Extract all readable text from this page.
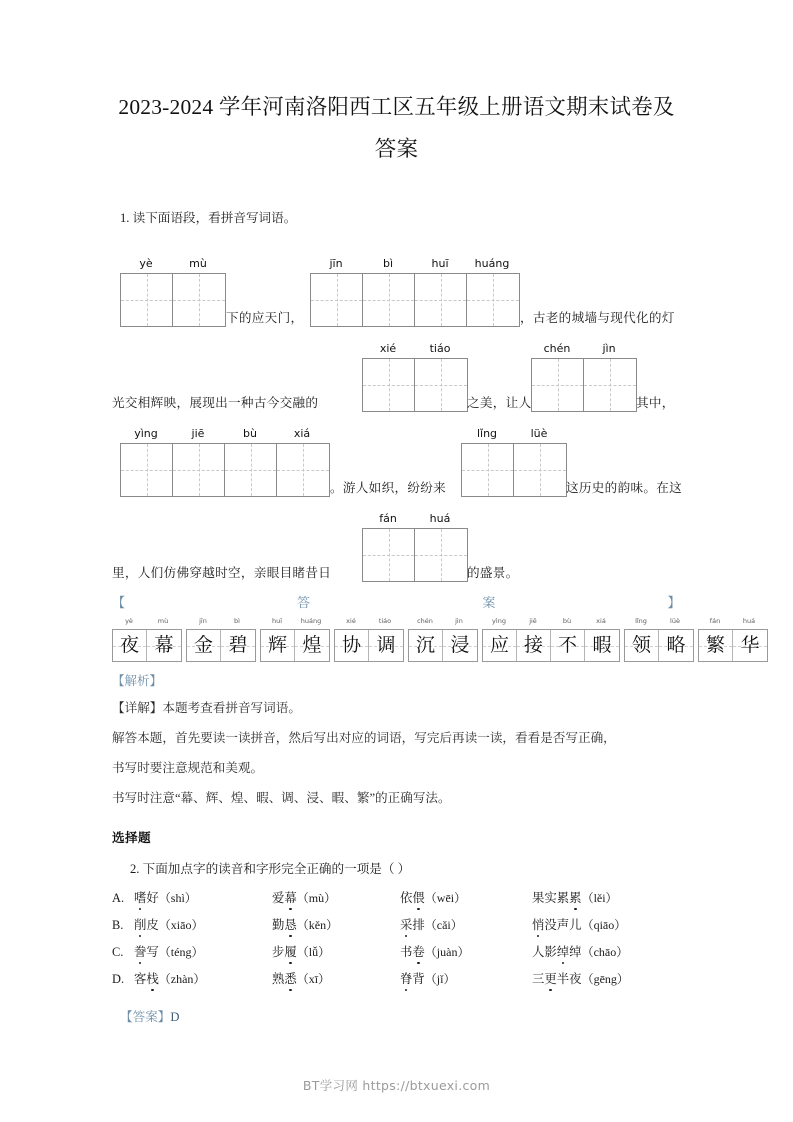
2023-2024 学年河南洛阳西工区五年级上册语文期末试卷及答案
1. 读下面语段，看拼音写词语。
yè	mù
下的应天门，
jīn	bì	huī	huáng
，古老的城墙与现代化的灯
光交相辉映，展现出一种古今交融的
xié	tiáo
之美，让人
chén	jìn
其中，
yìng	jiē	bù	xiá
。游人如织，纷纷来
lǐng	lüè
这历史的韵味。在这
里，人们仿佛穿越时空，亲眼目睹昔日
fán	huá
的盛景。
【	答	案	】
yè	mù
夜 幕
jīn	bì
金 碧
huī	huáng
辉 煌
xié	tiáo
协 调
chén	jìn
沉 浸
yìng	jiē	bù	xiá
应 接 不 暇
lǐng	lüè
领 略
fán	huá
繁 华
【解析】
【详解】本题考查看拼音写词语。
解答本题，首先要读一读拼音，然后写出对应的词语，写完后再读一读，看看是否写正确，
书写时要注意规范和美观。
书写时注意“幕、辉、煌、暇、调、浸、暇、繁”的正确写法。
选择题
2. 下面加点字的读音和字形完全正确的一项是（ ）
A. 嗜好（shì）	爱幕（mù）	依偎（wēi）	果实累累（lěi）
B. 削皮（xiāo）	勤恳（kěn）	采排（cǎi）	悄没声儿（qiāo）
C. 誊写（téng）	步履（lǚ）	书卷（juàn）	人影绰绰（chāo）
D. 客栈（zhàn）	熟悉（xī）	脊背（jǐ）	三更半夜（gēng）
【答案】D
BT学习网 https://btxuexi.com
